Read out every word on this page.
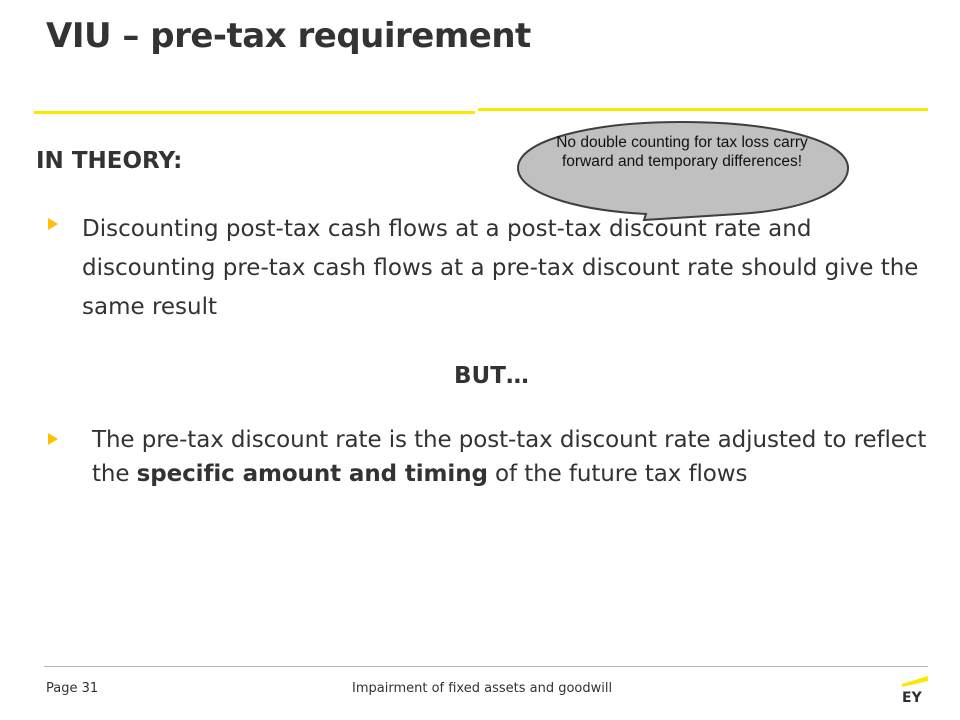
VIU – pre-tax requirement
IN THEORY:
No double counting for tax loss carry forward and temporary differences!
Discounting post-tax cash flows at a post-tax discount rate and discounting pre-tax cash flows at a pre-tax discount rate should give the same result
BUT…
The pre-tax discount rate is the post-tax discount rate adjusted to reflect the specific amount and timing of the future tax flows
Page 31	Impairment of fixed assets and goodwill
EY
